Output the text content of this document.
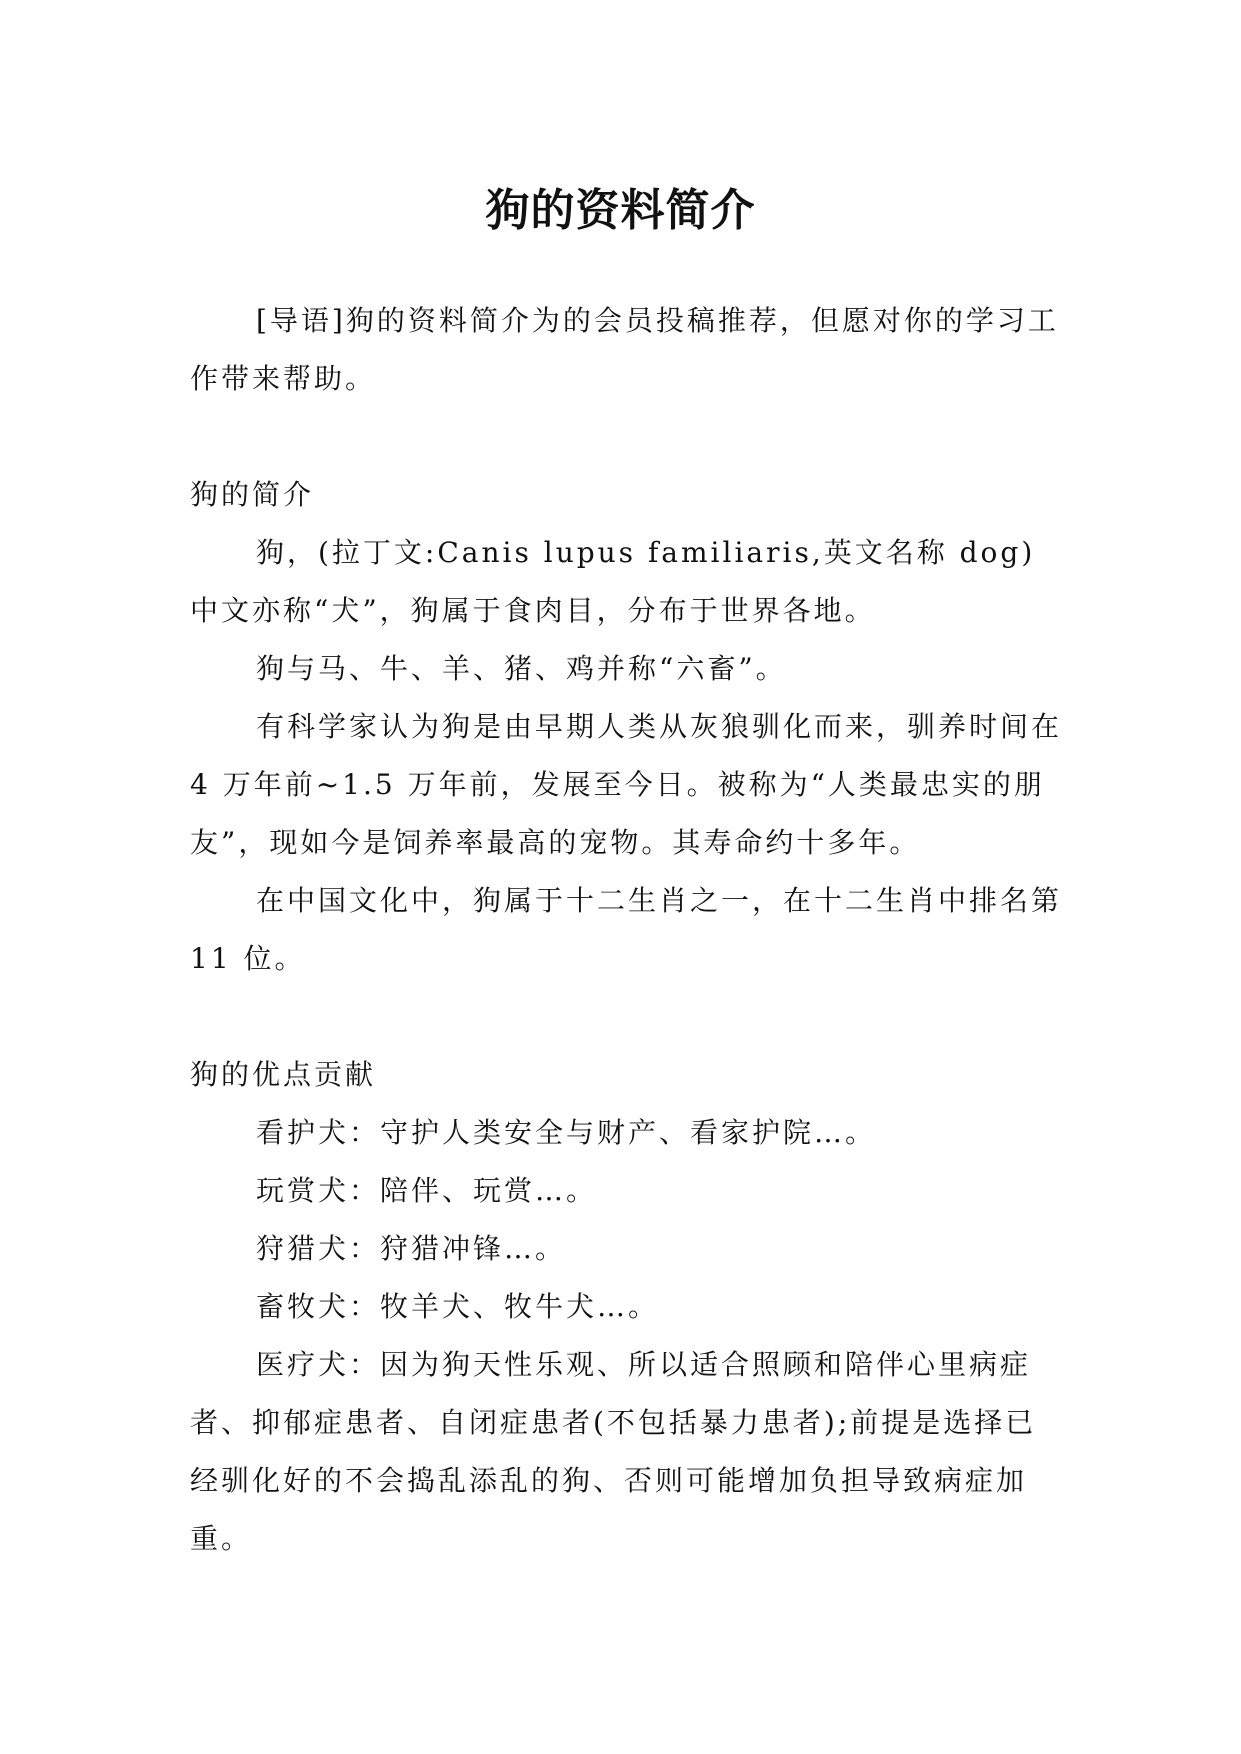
狗的资料简介

[导语]狗的资料简介为的会员投稿推荐，但愿对你的学习工作带来帮助。

狗的简介

狗，(拉丁文:Canis lupus familiaris,英文名称 dog)中文亦称“犬”，狗属于食肉目，分布于世界各地。

狗与马、牛、羊、猪、鸡并称“六畜”。

有科学家认为狗是由早期人类从灰狼驯化而来，驯养时间在 4 万年前~1.5 万年前，发展至今日。被称为“人类最忠实的朋友”，现如今是饲养率最高的宠物。其寿命约十多年。

在中国文化中，狗属于十二生肖之一，在十二生肖中排名第 11 位。

狗的优点贡献

看护犬：守护人类安全与财产、看家护院…。

玩赏犬：陪伴、玩赏…。

狩猎犬：狩猎冲锋…。

畜牧犬：牧羊犬、牧牛犬…。

医疗犬：因为狗天性乐观、所以适合照顾和陪伴心里病症者、抑郁症患者、自闭症患者(不包括暴力患者);前提是选择已经驯化好的不会捣乱添乱的狗、否则可能增加负担导致病症加重。
